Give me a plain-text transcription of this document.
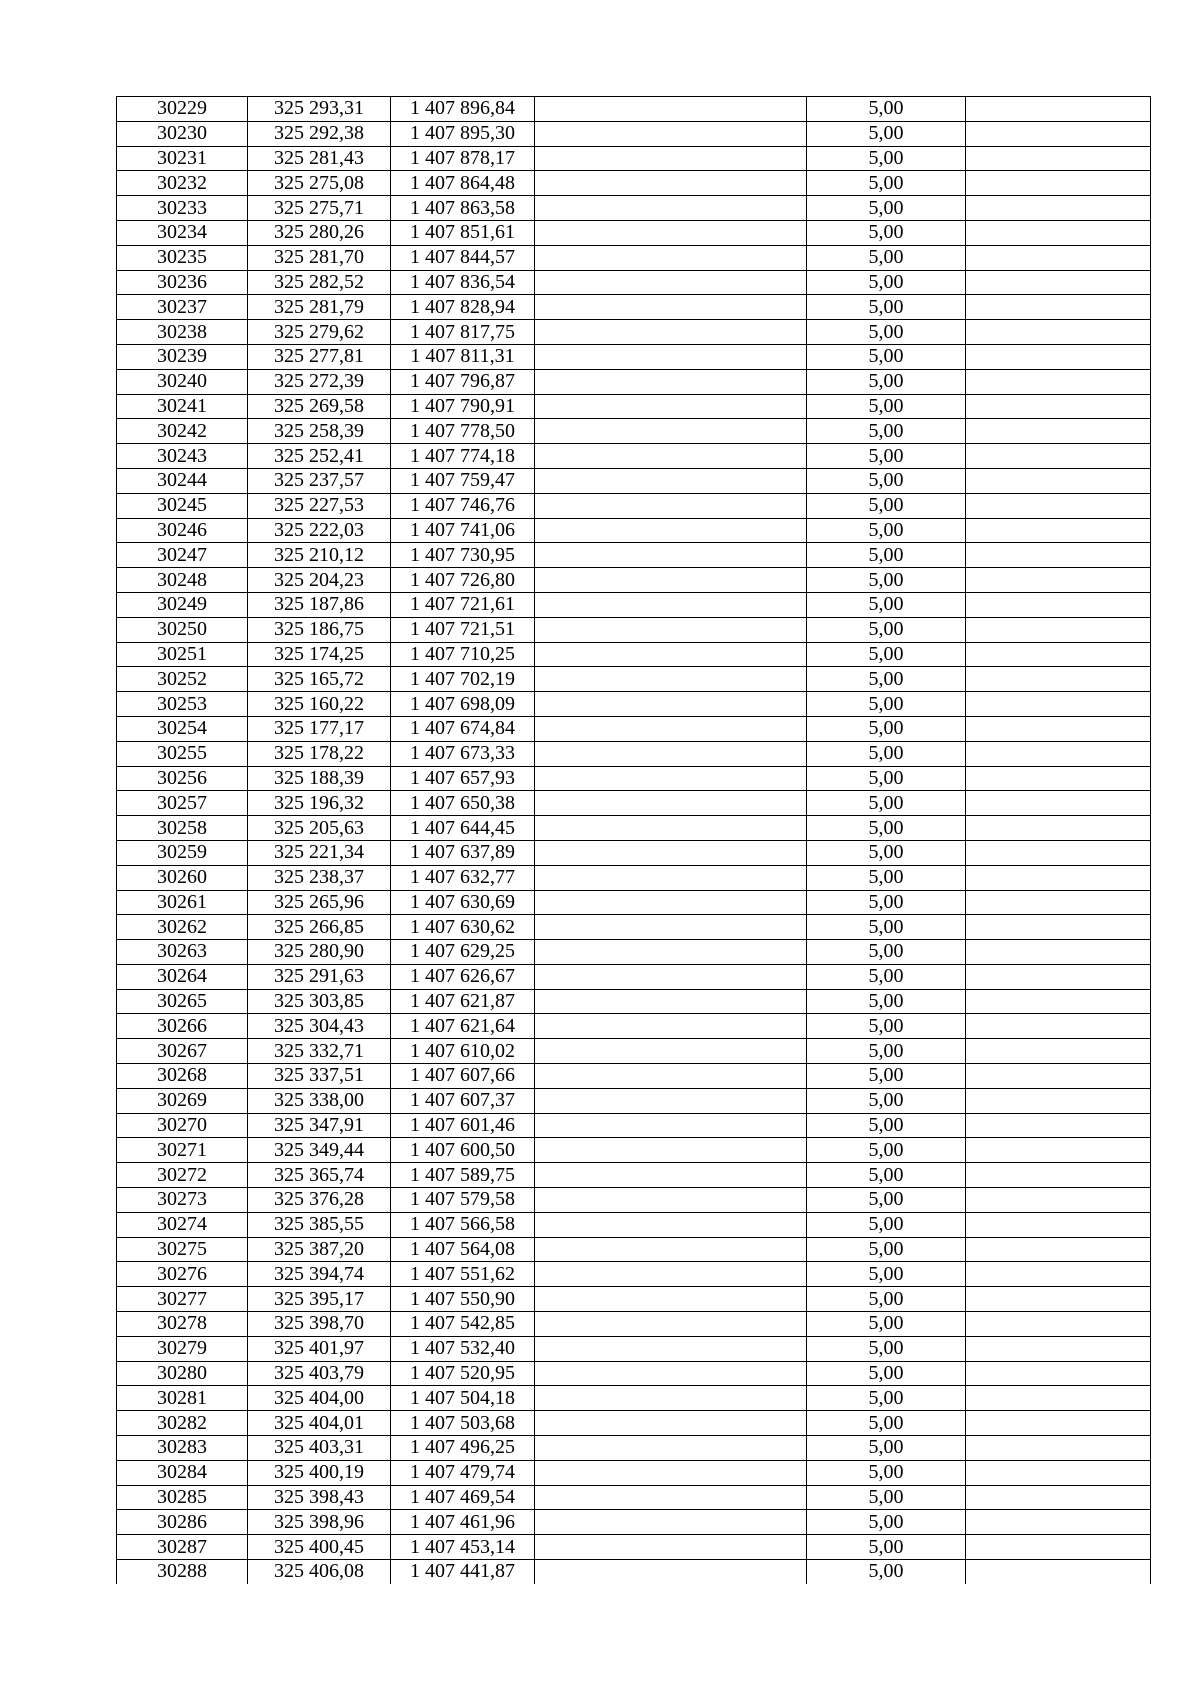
30229	325 293,31	1 407 896,84		5,00	
30230	325 292,38	1 407 895,30		5,00	
30231	325 281,43	1 407 878,17		5,00	
30232	325 275,08	1 407 864,48		5,00	
30233	325 275,71	1 407 863,58		5,00	
30234	325 280,26	1 407 851,61		5,00	
30235	325 281,70	1 407 844,57		5,00	
30236	325 282,52	1 407 836,54		5,00	
30237	325 281,79	1 407 828,94		5,00	
30238	325 279,62	1 407 817,75		5,00	
30239	325 277,81	1 407 811,31		5,00	
30240	325 272,39	1 407 796,87		5,00	
30241	325 269,58	1 407 790,91		5,00	
30242	325 258,39	1 407 778,50		5,00	
30243	325 252,41	1 407 774,18		5,00	
30244	325 237,57	1 407 759,47		5,00	
30245	325 227,53	1 407 746,76		5,00	
30246	325 222,03	1 407 741,06		5,00	
30247	325 210,12	1 407 730,95		5,00	
30248	325 204,23	1 407 726,80		5,00	
30249	325 187,86	1 407 721,61		5,00	
30250	325 186,75	1 407 721,51		5,00	
30251	325 174,25	1 407 710,25		5,00	
30252	325 165,72	1 407 702,19		5,00	
30253	325 160,22	1 407 698,09		5,00	
30254	325 177,17	1 407 674,84		5,00	
30255	325 178,22	1 407 673,33		5,00	
30256	325 188,39	1 407 657,93		5,00	
30257	325 196,32	1 407 650,38		5,00	
30258	325 205,63	1 407 644,45		5,00	
30259	325 221,34	1 407 637,89		5,00	
30260	325 238,37	1 407 632,77		5,00	
30261	325 265,96	1 407 630,69		5,00	
30262	325 266,85	1 407 630,62		5,00	
30263	325 280,90	1 407 629,25		5,00	
30264	325 291,63	1 407 626,67		5,00	
30265	325 303,85	1 407 621,87		5,00	
30266	325 304,43	1 407 621,64		5,00	
30267	325 332,71	1 407 610,02		5,00	
30268	325 337,51	1 407 607,66		5,00	
30269	325 338,00	1 407 607,37		5,00	
30270	325 347,91	1 407 601,46		5,00	
30271	325 349,44	1 407 600,50		5,00	
30272	325 365,74	1 407 589,75		5,00	
30273	325 376,28	1 407 579,58		5,00	
30274	325 385,55	1 407 566,58		5,00	
30275	325 387,20	1 407 564,08		5,00	
30276	325 394,74	1 407 551,62		5,00	
30277	325 395,17	1 407 550,90		5,00	
30278	325 398,70	1 407 542,85		5,00	
30279	325 401,97	1 407 532,40		5,00	
30280	325 403,79	1 407 520,95		5,00	
30281	325 404,00	1 407 504,18		5,00	
30282	325 404,01	1 407 503,68		5,00	
30283	325 403,31	1 407 496,25		5,00	
30284	325 400,19	1 407 479,74		5,00	
30285	325 398,43	1 407 469,54		5,00	
30286	325 398,96	1 407 461,96		5,00	
30287	325 400,45	1 407 453,14		5,00	
30288	325 406,08	1 407 441,87		5,00	
